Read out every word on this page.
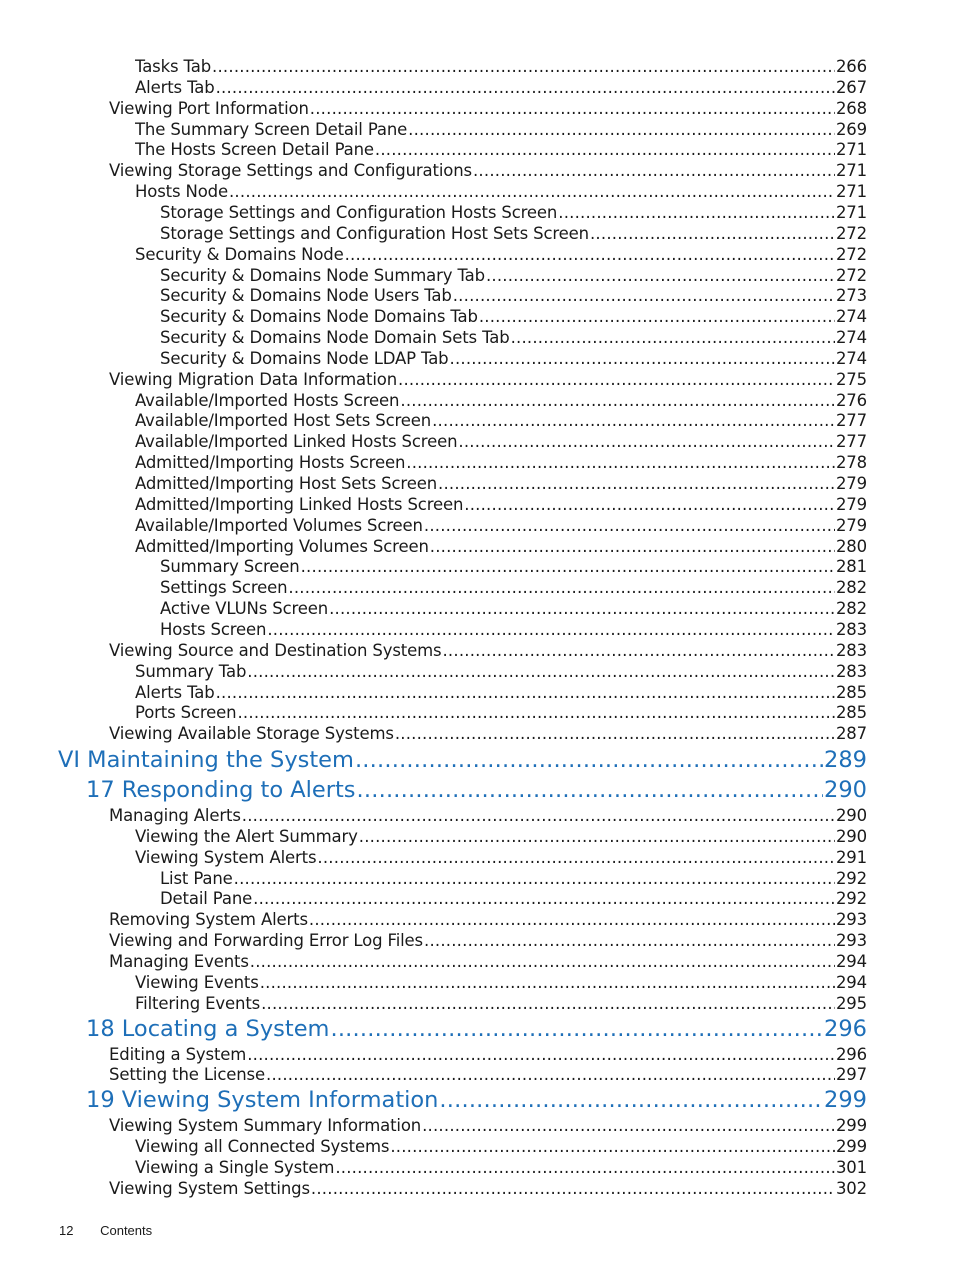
Tasks Tab .....	266
Alerts Tab .....	267
Viewing Port Information .....	268
The Summary Screen Detail Pane .....	269
The Hosts Screen Detail Pane .....	271
Viewing Storage Settings and Configurations .....	271
Hosts Node .....	271
Storage Settings and Configuration Hosts Screen .....	271
Storage Settings and Configuration Host Sets Screen .....	272
Security & Domains Node .....	272
Security & Domains Node Summary Tab .....	272
Security & Domains Node Users Tab .....	273
Security & Domains Node Domains Tab .....	274
Security & Domains Node Domain Sets Tab .....	274
Security & Domains Node LDAP Tab .....	274
Viewing Migration Data Information .....	275
Available/Imported Hosts Screen .....	276
Available/Imported Host Sets Screen .....	277
Available/Imported Linked Hosts Screen .....	277
Admitted/Importing Hosts Screen .....	278
Admitted/Importing Host Sets Screen .....	279
Admitted/Importing Linked Hosts Screen .....	279
Available/Imported Volumes Screen .....	279
Admitted/Importing Volumes Screen .....	280
Summary Screen .....	281
Settings Screen .....	282
Active VLUNs Screen .....	282
Hosts Screen .....	283
Viewing Source and Destination Systems .....	283
Summary Tab .....	283
Alerts Tab .....	285
Ports Screen .....	285
Viewing Available Storage Systems .....	287
VI Maintaining the System .....	289
17 Responding to Alerts .....	290
Managing Alerts .....	290
Viewing the Alert Summary .....	290
Viewing System Alerts .....	291
List Pane .....	292
Detail Pane .....	292
Removing System Alerts .....	293
Viewing and Forwarding Error Log Files .....	293
Managing Events .....	294
Viewing Events .....	294
Filtering Events .....	295
18 Locating a System .....	296
Editing a System .....	296
Setting the License .....	297
19 Viewing System Information .....	299
Viewing System Summary Information .....	299
Viewing all Connected Systems .....	299
Viewing a Single System .....	301
Viewing System Settings .....	302
12 Contents
